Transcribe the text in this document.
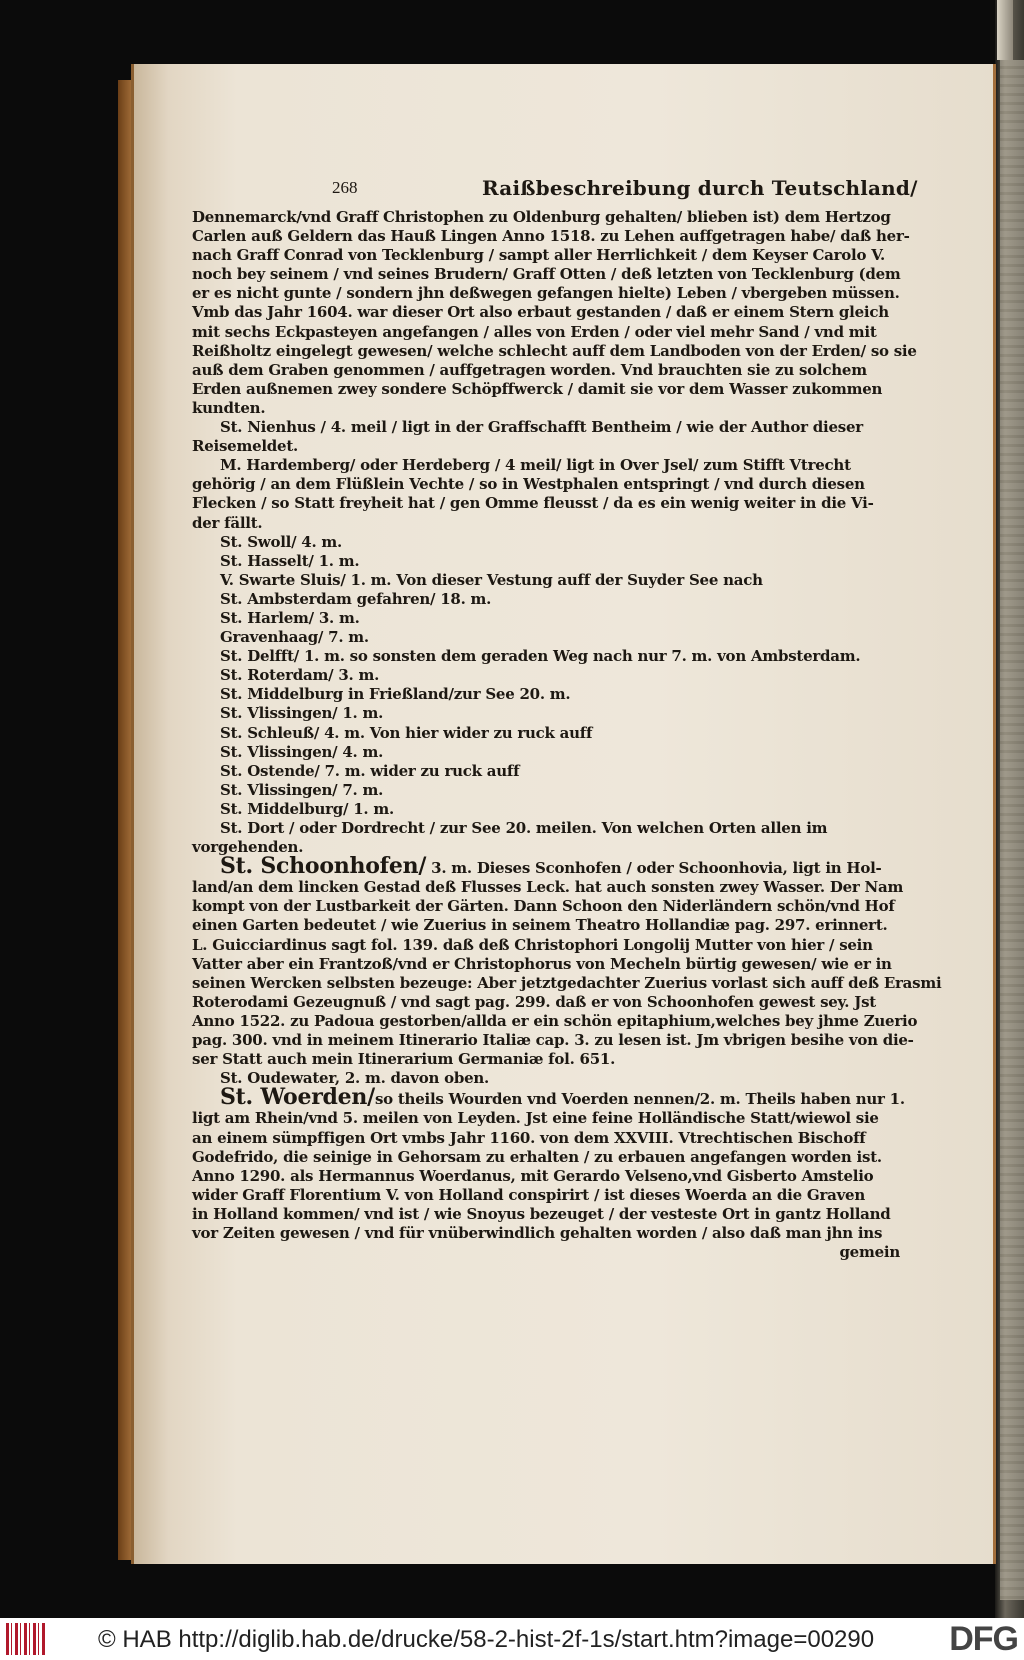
268	Raißbeschreibung durch Teutschland/
Dennemarck/vnd Graff Christophen zu Oldenburg gehalten/ blieben ist) dem Hertzog
Carlen auß Geldern das Hauß Lingen Anno 1518. zu Lehen auffgetragen habe/ daß her-
nach Graff Conrad von Tecklenburg / sampt aller Herrlichkeit / dem Keyser Carolo V.
noch bey seinem / vnd seines Brudern/ Graff Otten / deß letzten von Tecklenburg (dem
er es nicht gunte / sondern jhn deßwegen gefangen hielte) Leben / vbergeben müssen.
Vmb das Jahr 1604. war dieser Ort also erbaut gestanden / daß er einem Stern gleich
mit sechs Eckpasteyen angefangen / alles von Erden / oder viel mehr Sand / vnd mit
Reißholtz eingelegt gewesen/ welche schlecht auff dem Landboden von der Erden/ so sie
auß dem Graben genommen / auffgetragen worden. Vnd brauchten sie zu solchem
Erden außnemen zwey sondere Schöpffwerck / damit sie vor dem Wasser zukommen
kundten.
St. Nienhus / 4. meil / ligt in der Graffschafft Bentheim / wie der Author dieser
Reisemeldet.
M. Hardemberg/ oder Herdeberg / 4 meil/ ligt in Over Jsel/ zum Stifft Vtrecht
gehörig / an dem Flüßlein Vechte / so in Westphalen entspringt / vnd durch diesen
Flecken / so Statt freyheit hat / gen Omme fleusst / da es ein wenig weiter in die Vi-
der fällt.
St. Swoll/ 4. m.
St. Hasselt/ 1. m.
V. Swarte Sluis/ 1. m. Von dieser Vestung auff der Suyder See nach
St. Ambsterdam gefahren/ 18. m.
St. Harlem/ 3. m.
Gravenhaag/ 7. m.
St. Delfft/ 1. m. so sonsten dem geraden Weg nach nur 7. m. von Ambsterdam.
St. Roterdam/ 3. m.
St. Middelburg in Frießland/zur See 20. m.
St. Vlissingen/ 1. m.
St. Schleuß/ 4. m. Von hier wider zu ruck auff
St. Vlissingen/ 4. m.
St. Ostende/ 7. m. wider zu ruck auff
St. Vlissingen/ 7. m.
St. Middelburg/ 1. m.
St. Dort / oder Dordrecht / zur See 20. meilen. Von welchen Orten allen im
vorgehenden.
St. Schoonhofen/ 3. m. Dieses Sconhofen / oder Schoonhovia, ligt in Hol-
land/an dem lincken Gestad deß Flusses Leck. hat auch sonsten zwey Wasser. Der Nam
kompt von der Lustbarkeit der Gärten. Dann Schoon den Niderländern schön/vnd Hof
einen Garten bedeutet / wie Zuerius in seinem Theatro Hollandiæ pag. 297. erinnert.
L. Guicciardinus sagt fol. 139. daß deß Christophori Longolij Mutter von hier / sein
Vatter aber ein Frantzoß/vnd er Christophorus von Mecheln bürtig gewesen/ wie er in
seinen Wercken selbsten bezeuge: Aber jetztgedachter Zuerius vorlast sich auff deß Erasmi
Roterodami Gezeugnuß / vnd sagt pag. 299. daß er von Schoonhofen gewest sey. Jst
Anno 1522. zu Padoua gestorben/allda er ein schön epitaphium,welches bey jhme Zuerio
pag. 300. vnd in meinem Itinerario Italiæ cap. 3. zu lesen ist. Jm vbrigen besihe von die-
ser Statt auch mein Itinerarium Germaniæ fol. 651.
St. Oudewater, 2. m. davon oben.
St. Woerden/so theils Wourden vnd Voerden nennen/2. m. Theils haben nur 1.
ligt am Rhein/vnd 5. meilen von Leyden. Jst eine feine Holländische Statt/wiewol sie
an einem sümpffigen Ort vmbs Jahr 1160. von dem XXVIII. Vtrechtischen Bischoff
Godefrido, die seinige in Gehorsam zu erhalten / zu erbauen angefangen worden ist.
Anno 1290. als Hermannus Woerdanus, mit Gerardo Velseno,vnd Gisberto Amstelio
wider Graff Florentium V. von Holland conspirirt / ist dieses Woerda an die Graven
in Holland kommen/ vnd ist / wie Snoyus bezeuget / der vesteste Ort in gantz Holland
vor Zeiten gewesen / vnd für vnüberwindlich gehalten worden / also daß man jhn ins
gemein
© HAB http://diglib.hab.de/drucke/58-2-hist-2f-1s/start.htm?image=00290 DFG
